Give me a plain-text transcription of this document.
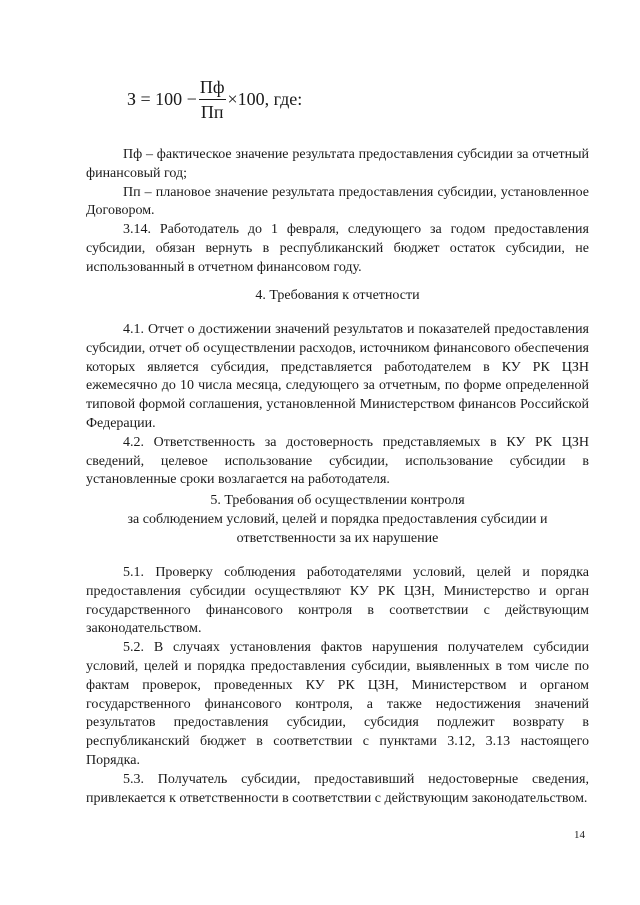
$З = 100 - \frac{Пф}{Пп} \times 100$, где:

Пф – фактическое значение результата предоставления субсидии за отчетный финансовый год;

Пп – плановое значение результата предоставления субсидии, установленное Договором.

3.14. Работодатель до 1 февраля, следующего за годом предоставления субсидии, обязан вернуть в республиканский бюджет остаток субсидии, не использованный в отчетном финансовом году.

4. Требования к отчетности

4.1. Отчет о достижении значений результатов и показателей предоставления субсидии, отчет об осуществлении расходов, источником финансового обеспечения которых является субсидия, представляется работодателем в КУ РК ЦЗН ежемесячно до 10 числа месяца, следующего за отчетным, по форме определенной типовой формой соглашения, установленной Министерством финансов Российской Федерации.

4.2. Ответственность за достоверность представляемых в КУ РК ЦЗН сведений, целевое использование субсидии, использование субсидии в установленные сроки возлагается на работодателя.

5. Требования об осуществлении контроля
за соблюдением условий, целей и порядка предоставления субсидии и
ответственности за их нарушение

5.1. Проверку соблюдения работодателями условий, целей и порядка предоставления субсидии осуществляют КУ РК ЦЗН, Министерство и орган государственного финансового контроля в соответствии с действующим законодательством.

5.2. В случаях установления фактов нарушения получателем субсидии условий, целей и порядка предоставления субсидии, выявленных в том числе по фактам проверок, проведенных КУ РК ЦЗН, Министерством и органом государственного финансового контроля, а также недостижения значений результатов предоставления субсидии, субсидия подлежит возврату в республиканский бюджет в соответствии с пунктами 3.12, 3.13 настоящего Порядка.

5.3. Получатель субсидии, предоставивший недостоверные сведения, привлекается к ответственности в соответствии с действующим законодательством.

14
